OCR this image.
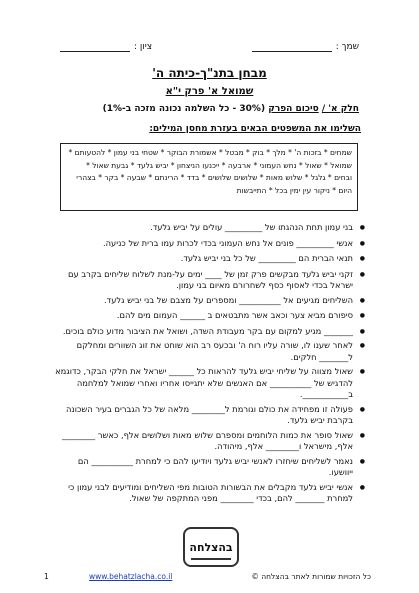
שמך :
ציון :
מבחן בתנ"ך-כיתה ה'
שמואל א' פרק י"א
חלק א' / סיכום הפרק (30% - כל השלמה נכונה מזכה ב-1%)
השלימו את המשפטים הבאים בעזרת מחסן המילים:
שמחים * בזכות ה' * מלך * בוק * מבטל * אשמורת הבוקר * שטחי בני עמון * להטעותם * שמואל * שאול * נחש העמוני * ארבעה * ייכנעו הניצחון * יביש גלעד * גבעת שאול * ובחים * גלגל * שלוש מאות * שלושים שלושים * בדד * הרינתם * שבעה * בקר * בצהרי היום * ניקור עין ימין בכל * התייבשות
● בני עמון תחת הנהגתו של _________ עולים על יביש גלעד.
● אנשי _________ פונים אל נחש העמוני בכדי לכרות עמו ברית של כניעה.
● תנאי הברית הם _________ של כל בני יביש גלעד.
● זקני יביש גלעד מבקשים פרק זמן של ____ ימים על-מנת לשלוח שליחים בקרב עם ישראל בכדי לאסוף כסף לשחרורם מאיום בני עמון.
● השליחים מגיעים אל __________ ומספרים על מצבם של בני יביש גלעד.
● סיפורם מביא צער וכאב אשר מתבטאים ב ______ העמום מים להם.
● _______ מגיע למקום עם בקר מעבודת השדה, ושואל את הציבור מדוע כולם בוכים.
● לאחר שענו לו, שורה עליו רוח ה' ובכעס רב הוא שוחט את זוג השוורים ומחלקם ל_______ חלקים.
● שאול מצווה על שליחי יביש גלעד להראות כל ______ ישראל את חלקי הבקר, כדוגמא להדגיש של __________ אם האנשים שלא יתגייסו אחריו ואחרי שמואל למלחמה ב___________.
● פעולה זו מפחידה את כולם וגורמת ל________ מלאה של כל הגברים בעיר השכונה בקרבת יביש גלעד.
● שאול סופר את כמות הלוחמים ומספרם שלוש מאות ושלושים אלף, כאשר ________ אלף, מישראל ו________ אלף, מיהודה.
● נאמר לשליחים שיחזרו לאנשי יביש גלעד ויודיעו להם כי למחרת __________ הם ייוושעו.
● אנשי יביש גלעד מקבלים את הבשורות הטובות מפי השליחים ומודיעים לבני עמון כי למחרת _______ להם, בכדי ________ מפני המתקפה של שאול.
בהצלחה
כל הזכויות שמורות לאתר בהצלחה ©
www.behatzlacha.co.il
1
